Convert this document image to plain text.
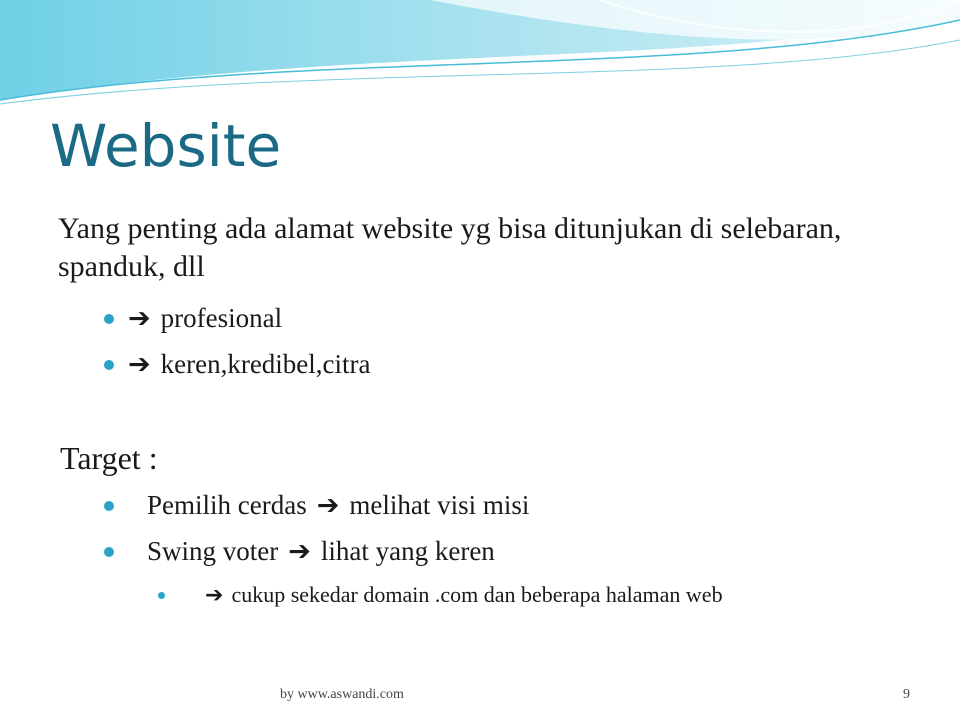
Website
Yang penting ada alamat website yg bisa ditunjukan di selebaran, spanduk, dll
➔ profesional
➔ keren,kredibel,citra
Target :
Pemilih cerdas ➔ melihat visi misi
Swing voter ➔ lihat yang keren
➔ cukup sekedar domain .com dan beberapa halaman web
by www.aswandi.com	9
